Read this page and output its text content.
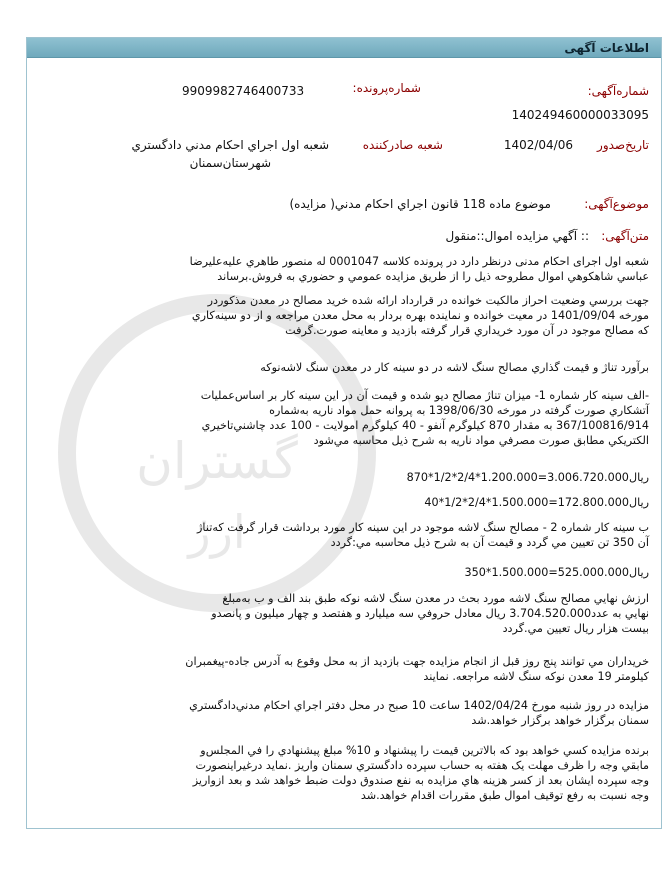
اطلاعات آگهی
گستران
ارژ
شماره‌آگهی:
140249460000033095
شماره‌پرونده:
9909982746400733
تاریخ‌صدور
1402/04/06
شعبه صادر‌کننده
شعبه اول اجراي احكام مدني دادگستري
شهرستان‌سمنان
موضوع‌آگهی:
موضوع ماده 118 قانون اجراي احكام مدني( مزايده)
متن‌آگهی:
:: آگهي مزايده اموال::منقول

شعبه اول اجرای احکام مدنی درنظر دارد در پرونده کلاسه 0001047 له منصور طاهري عليه‌عليرضا

عباسي شاهكوهي اموال مطروحه ذيل را از طريق مزايده عمومي و حضوري به فروش.برساند

جهت بررسي وضعيت احراز مالكيت خوانده در قرارداد ارائه شده خريد مصالح در معدن مذكوردر

مورخه 1401/09/04 در معيت خوانده و نماينده بهره بردار به محل معدن مراجعه و از دو سينه‌كاري

كه مصالح موجود در آن مورد خريداري قرار گرفته بازديد و معاينه صورت.گرفت

برآورد تناژ و قيمت گذاري مصالح سنگ لاشه در دو سينه كار در معدن سنگ لاشه‌نوكه

-الف سينه كار شماره 1- ميزان تناژ مصالح ديو شده و قيمت آن در اين سينه كار بر اساس‌عمليات

آتشكاري صورت گرفته در مورخه 1398/06/30 به پروانه حمل مواد ناريه به‌شماره

367/100816/914 به مقدار 870 كيلوگرم آنفو - 40 كيلوگرم امولايت - 100 عدد چاشني‌تاخيري

الكتريكي مطابق صورت مصرفي مواد ناريه به شرح ذيل محاسبه مي‌شود

870*1/2*2/4*1.200.000=3.006.720.000ريال

40*1/2*2/4*1.500.000=172.800.000ريال

ب سينه كار شماره 2 - مصالح سنگ لاشه موجود در اين سينه كار مورد برداشت قرار گرفت كه‌تناژ

آن 350 تن تعيين مي گردد و قيمت آن به شرح ذيل محاسبه مي:گردد

350*1.500.000=525.000.000ريال

ارزش نهايي مصالح سنگ لاشه مورد بحث در معدن سنگ لاشه نوكه طبق بند الف و ب به‌مبلغ

نهايي به عدد3.704.520.000 ريال معادل حروفي سه ميليارد و هفتصد و چهار ميليون و پانصدو

بيست هزار ريال تعيين مي.گردد

خريداران مي توانند پنج روز قبل از انجام مزايده جهت بازديد از به محل وقوع به آدرس جاده-پيغمبران

كيلومتر 19 معدن نوكه سنگ لاشه مراجعه. نمايند

مزايده در روز شنبه مورخ 1402/04/24 ساعت 10 صبح در محل دفتر اجراي احكام مدني‌دادگستري

سمنان برگزار خواهد برگزار خواهد.شد

برنده مزايده كسي خواهد بود كه بالاترين قيمت را پيشنهاد و 10% مبلغ پيشنهادي را في المجلس‌و

مابقي وجه را ظرف مهلت يک هفته به حساب سپرده دادگستري سمنان واريز .نمايد درغيراينصورت

وجه سپرده ايشان بعد از كسر هزينه هاي مزايده به نفع صندوق دولت ضبط خواهد شد و بعد ازواريز

وجه نسبت به رفع توقيف اموال طبق مقررات اقدام خواهد.شد
